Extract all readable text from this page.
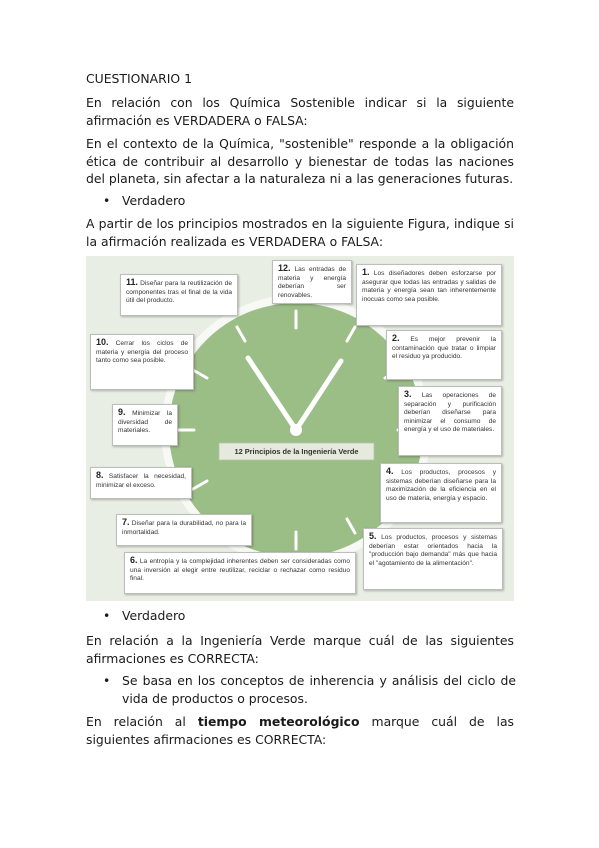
CUESTIONARIO 1
En relación con los Química Sostenible indicar si la siguiente afirmación es VERDADERA o FALSA:
En el contexto de la Química, "sostenible" responde a la obligación ética de contribuir al desarrollo y bienestar de todas las naciones del planeta, sin afectar a la naturaleza ni a las generaciones futuras.
• Verdadero
A partir de los principios mostrados en la siguiente Figura, indique si la afirmación realizada es VERDADERA o FALSA:
12 Principios de la Ingeniería Verde
12. Las entradas de materia y energía deberían ser renovables.
11. Diseñar para la reutilización de componentes tras el final de la vida útil del producto.
1. Los diseñadores deben esforzarse por asegurar que todas las entradas y salidas de materia y energía sean tan inherentemente inocuas como sea posible.
10. Cerrar los ciclos de materia y energía del proceso tanto como sea posible.
2. Es mejor prevenir la contaminación que tratar o limpiar el residuo ya producido.
9. Minimizar la diversidad de materiales.
3. Las operaciones de separación y purificación deberían diseñarse para minimizar el consumo de energía y el uso de materiales.
8. Satisfacer la necesidad, minimizar el exceso.
4. Los productos, procesos y sistemas deberían diseñarse para la maximización de la eficiencia en el uso de materia, energía y espacio.
7. Diseñar para la durabilidad, no para la inmortalidad.	5. Los productos, procesos y sistemas deberían estar orientados hacia la "producción bajo demanda" más que hacia el "agotamiento de la alimentación".
6. La entropía y la complejidad inherentes deben ser consideradas como una inversión al elegir entre reutilizar, reciclar o rechazar como residuo final.
• Verdadero
En relación a la Ingeniería Verde marque cuál de las siguientes afirmaciones es CORRECTA:
• Se basa en los conceptos de inherencia y análisis del ciclo de vida de productos o procesos.
En relación al tiempo meteorológico marque cuál de las siguientes afirmaciones es CORRECTA:
